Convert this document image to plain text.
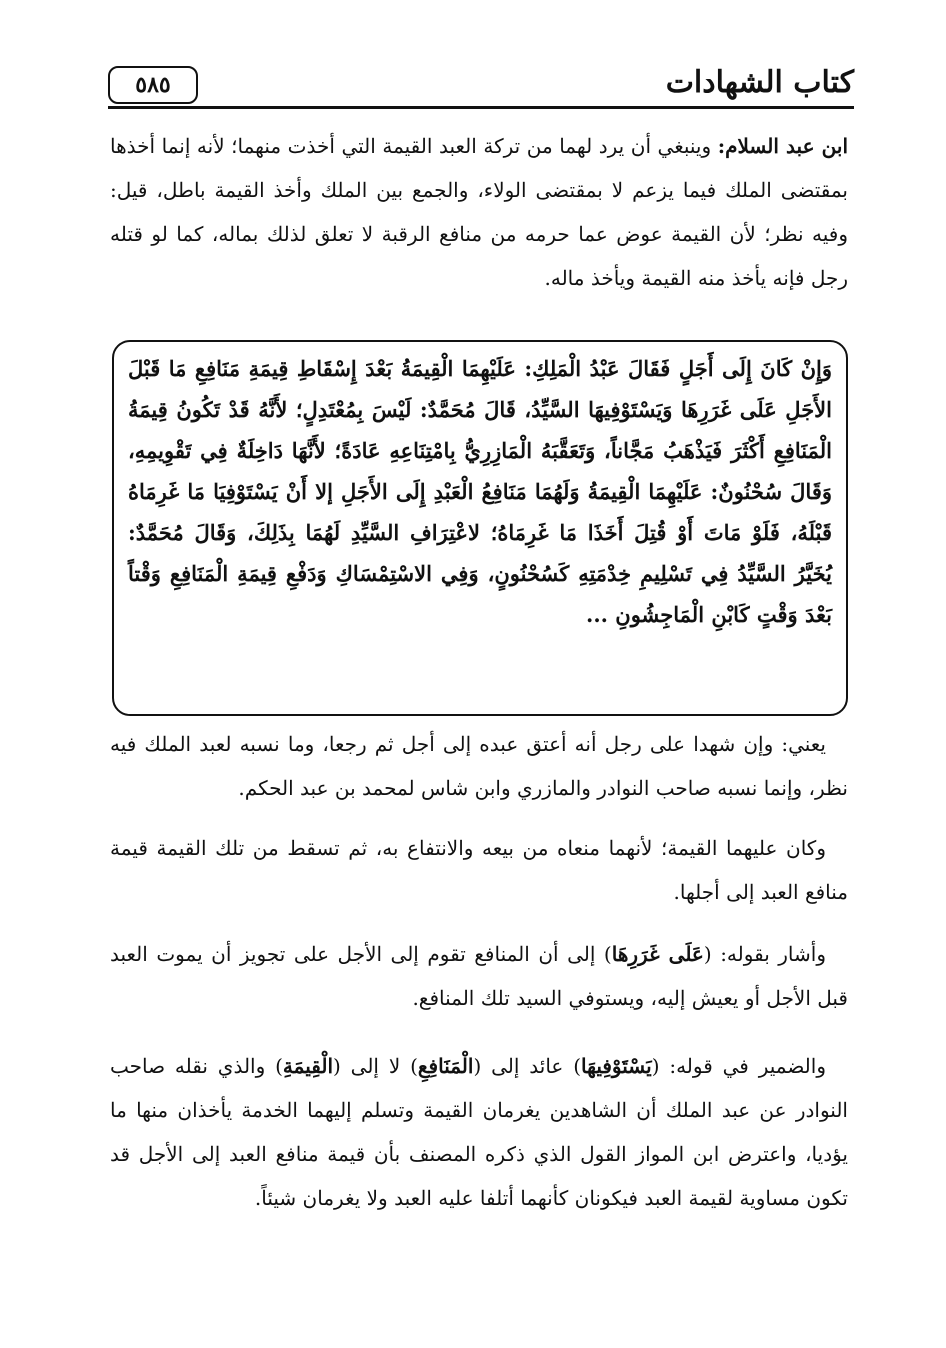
كتاب الشهادات
٥٨٥

ابن عبد السلام: وينبغي أن يرد لهما من تركة العبد القيمة التي أخذت منهما؛ لأنه إنما أخذها بمقتضى الملك فيما يزعم لا بمقتضى الولاء، والجمع بين الملك وأخذ القيمة باطل، قيل: وفيه نظر؛ لأن القيمة عوض عما حرمه من منافع الرقبة لا تعلق لذلك بماله، كما لو قتله رجل فإنه يأخذ منه القيمة ويأخذ ماله.

وَإِنْ كَانَ إِلَى أَجَلٍ فَقَالَ عَبْدُ الْمَلِكِ: عَلَيْهِمَا الْقِيمَةُ بَعْدَ إِسْقَاطِ قِيمَةِ مَنَافِعِ مَا قَبْلَ الأَجَلِ عَلَى غَرَرِهَا وَيَسْتَوْفِيهَا السَّيِّدُ، قَالَ مُحَمَّدٌ: لَيْسَ بِمُعْتَدِلٍ؛ لأَنَّهُ قَدْ تَكُونُ قِيمَةُ الْمَنَافِعِ أَكْثَرَ فَيَذْهَبُ مَجَّاناً، وَتَعَقَّبَهُ الْمَازِرِيُّ بِامْتِنَاعِهِ عَادَةً؛ لأَنَّهَا دَاخِلَةٌ فِي تَقْوِيمِهِ، وَقَالَ سُحْنُونٌ: عَلَيْهِمَا الْقِيمَةُ وَلَهُمَا مَنَافِعُ الْعَبْدِ إِلَى الأَجَلِ إلا أَنْ يَسْتَوْفِيَا مَا غَرِمَاهُ قَبْلَهُ، فَلَوْ مَاتَ أَوْ قُتِلَ أَخَذَا مَا غَرِمَاهُ؛ لاعْتِرَافِ السَّيِّدِ لَهُمَا بِذَلِكَ، وَقَالَ مُحَمَّدٌ: يُخَيَّرُ السَّيِّدُ فِي تَسْلِيمِ خِدْمَتِهِ كَسُحْنُونٍ، وَفِي الاسْتِمْسَاكِ وَدَفْعِ قِيمَةِ الْمَنَافِعِ وَقْتاً بَعْدَ وَقْتٍ كَابْنِ الْمَاجِشُونِ ...

يعني: وإن شهدا على رجل أنه أعتق عبده إلى أجل ثم رجعا، وما نسبه لعبد الملك فيه نظر، وإنما نسبه صاحب النوادر والمازري وابن شاس لمحمد بن عبد الحكم.

وكان عليهما القيمة؛ لأنهما منعاه من بيعه والانتفاع به، ثم تسقط من تلك القيمة قيمة منافع العبد إلى أجلها.

وأشار بقوله: (عَلَى غَرَرِهَا) إلى أن المنافع تقوم إلى الأجل على تجويز أن يموت العبد قبل الأجل أو يعيش إليه، ويستوفي السيد تلك المنافع.

والضمير في قوله: (يَسْتَوْفِيهَا) عائد إلى (الْمَنَافِعِ) لا إلى (الْقِيمَةِ) والذي نقله صاحب النوادر عن عبد الملك أن الشاهدين يغرمان القيمة وتسلم إليهما الخدمة يأخذان منها ما يؤديا، واعترض ابن المواز القول الذي ذكره المصنف بأن قيمة منافع العبد إلى الأجل قد تكون مساوية لقيمة العبد فيكونان كأنهما أتلفا عليه العبد ولا يغرمان شيئاً.
